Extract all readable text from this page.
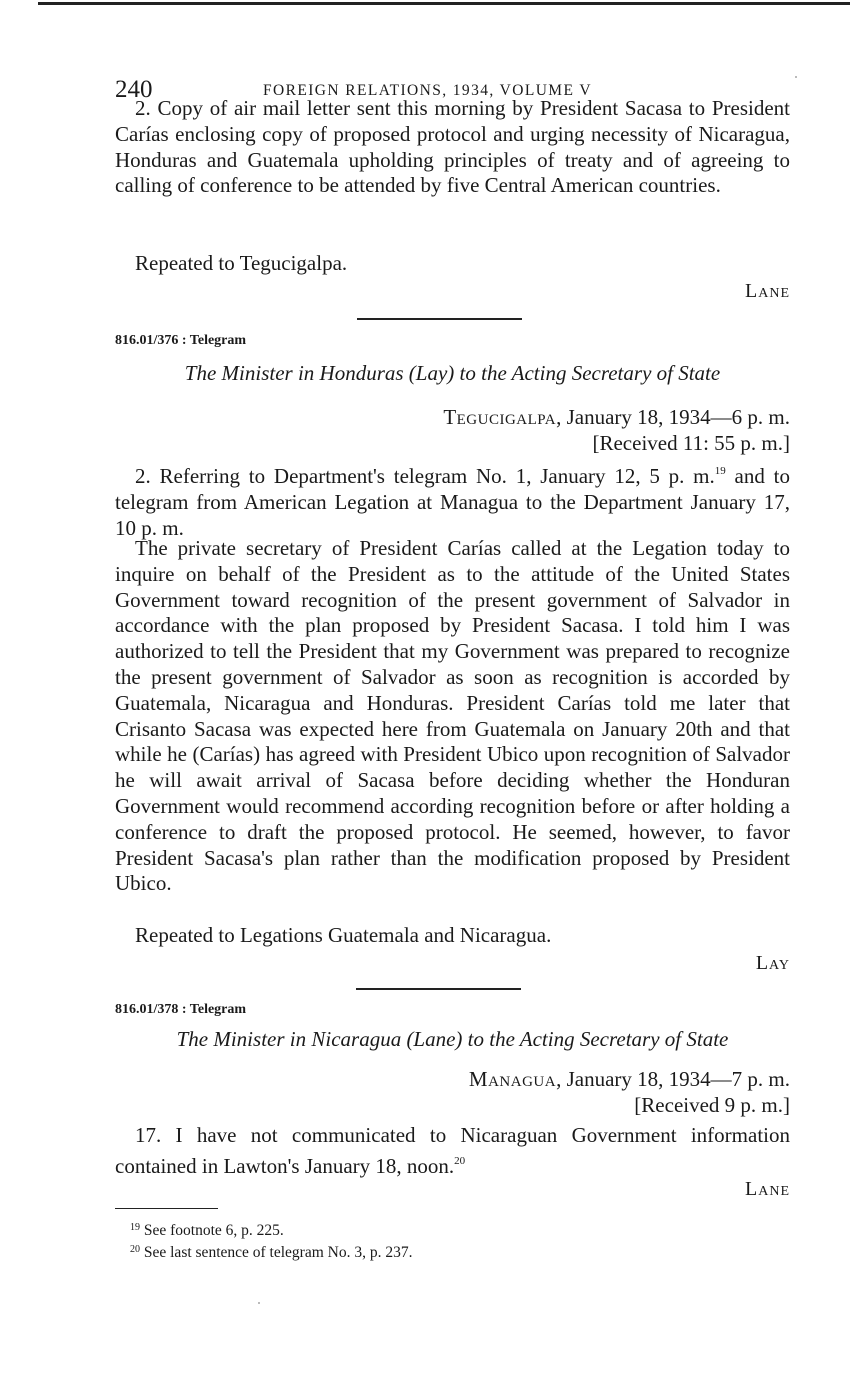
240	FOREIGN RELATIONS, 1934, VOLUME V

2. Copy of air mail letter sent this morning by President Sacasa to President Carías enclosing copy of proposed protocol and urging necessity of Nicaragua, Honduras and Guatemala upholding principles of treaty and of agreeing to calling of conference to be attended by five Central American countries.

Repeated to Tegucigalpa.

Lane
816.01/376 : Telegram
The Minister in Honduras (Lay) to the Acting Secretary of State
Tegucigalpa, January 18, 1934—6 p. m.
[Received 11: 55 p. m.]

2. Referring to Department's telegram No. 1, January 12, 5 p. m.$^{19}$ and to telegram from American Legation at Managua to the Department January 17, 10 p. m.

The private secretary of President Carías called at the Legation today to inquire on behalf of the President as to the attitude of the United States Government toward recognition of the present government of Salvador in accordance with the plan proposed by President Sacasa. I told him I was authorized to tell the President that my Government was prepared to recognize the present government of Salvador as soon as recognition is accorded by Guatemala, Nicaragua and Honduras. President Carías told me later that Crisanto Sacasa was expected here from Guatemala on January 20th and that while he (Carías) has agreed with President Ubico upon recognition of Salvador he will await arrival of Sacasa before deciding whether the Honduran Government would recommend according recognition before or after holding a conference to draft the proposed protocol. He seemed, however, to favor President Sacasa's plan rather than the modification proposed by President Ubico.

Repeated to Legations Guatemala and Nicaragua.

Lay
816.01/378 : Telegram
The Minister in Nicaragua (Lane) to the Acting Secretary of State
Managua, January 18, 1934—7 p. m.
[Received 9 p. m.]

17. I have not communicated to Nicaraguan Government information contained in Lawton's January 18, noon.$^{20}$

Lane
$^{19}$ See footnote 6, p. 225.
$^{20}$ See last sentence of telegram No. 3, p. 237.
